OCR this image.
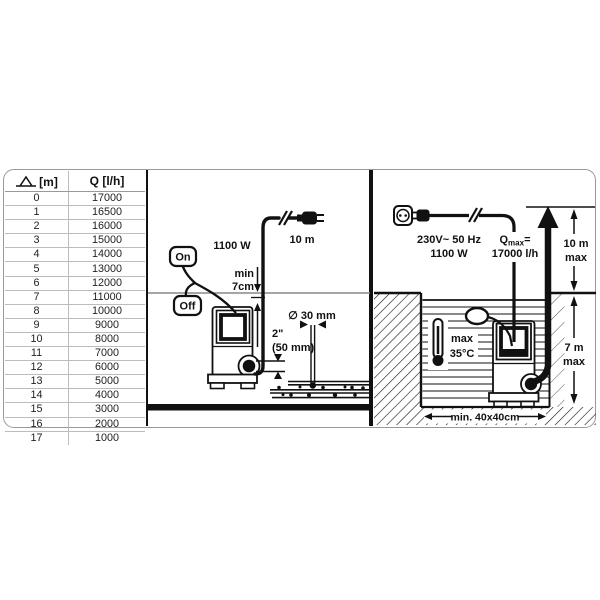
[m]	Q [l/h]
0	17000
1	16500
2	16000
3	15000
4	14000
5	13000
6	12000
7	11000
8	10000
9	9000
10	8000
11	7000
12	6000
13	5000
14	4000
15	3000
16	2000
17	1000
On
Off
1100 W	10 m
min
7cm
2"
(50 mm)
∅ 30 mm
min. 40x40cm
10 m
max
7 m
max
max
35°C
230V~ 50 Hz
1100 W
$Q_{max}=$
17000 l/h
